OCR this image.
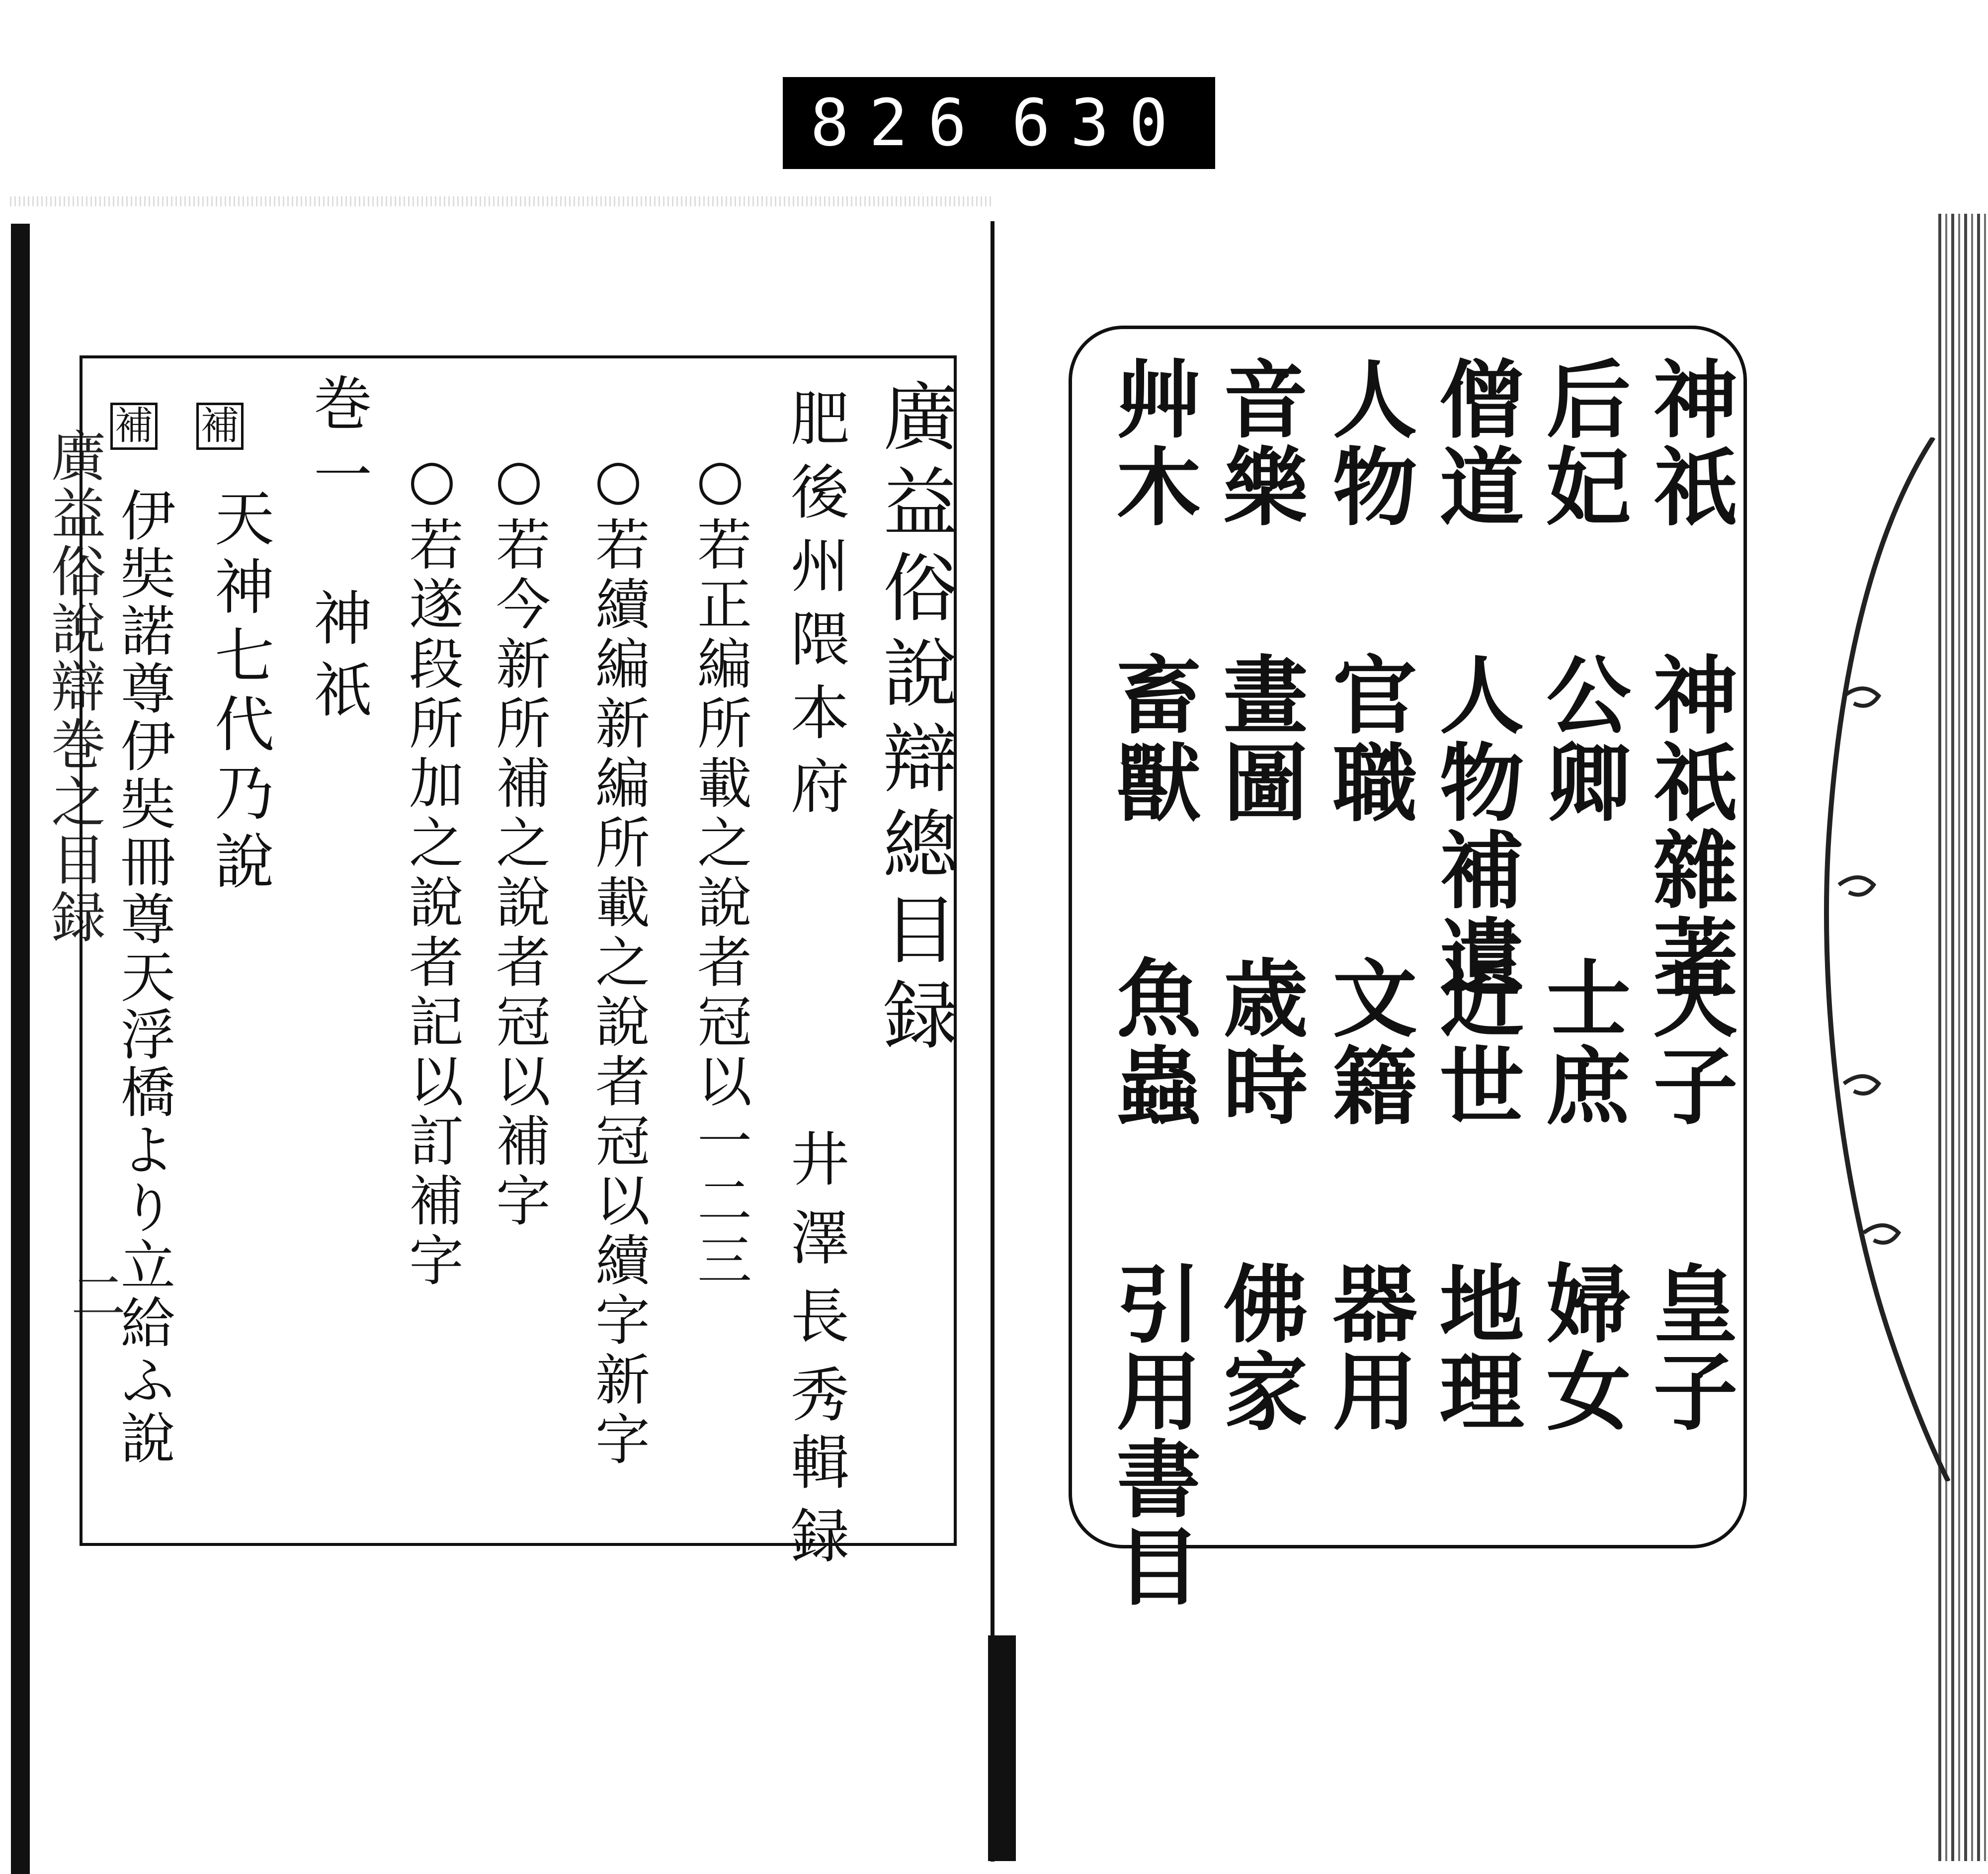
826 630
廣益俗說辯巻之目録
二
廣益俗說辯總目録
肥後州隈本府
井澤長秀
輯録
○若正編所載之說者冠以一二三
○若續編新編所載之說者冠以續字新字
○若今新所補之說者冠以補字
○若遂段所加之說者記以訂補字
巻一　神祇
補
天神七代乃說
補
伊奘諾尊伊奘冊尊天浮橋より立給ふ說
神祇
神祇雜著
天子
皇子
后妃
公卿
士庶
婦女
僧道
人物補遺
近世
地理
人物
官職
文籍
器用
音樂
畫圖
歳時
佛家
艸木
畜獸
魚蟲
引用書目
